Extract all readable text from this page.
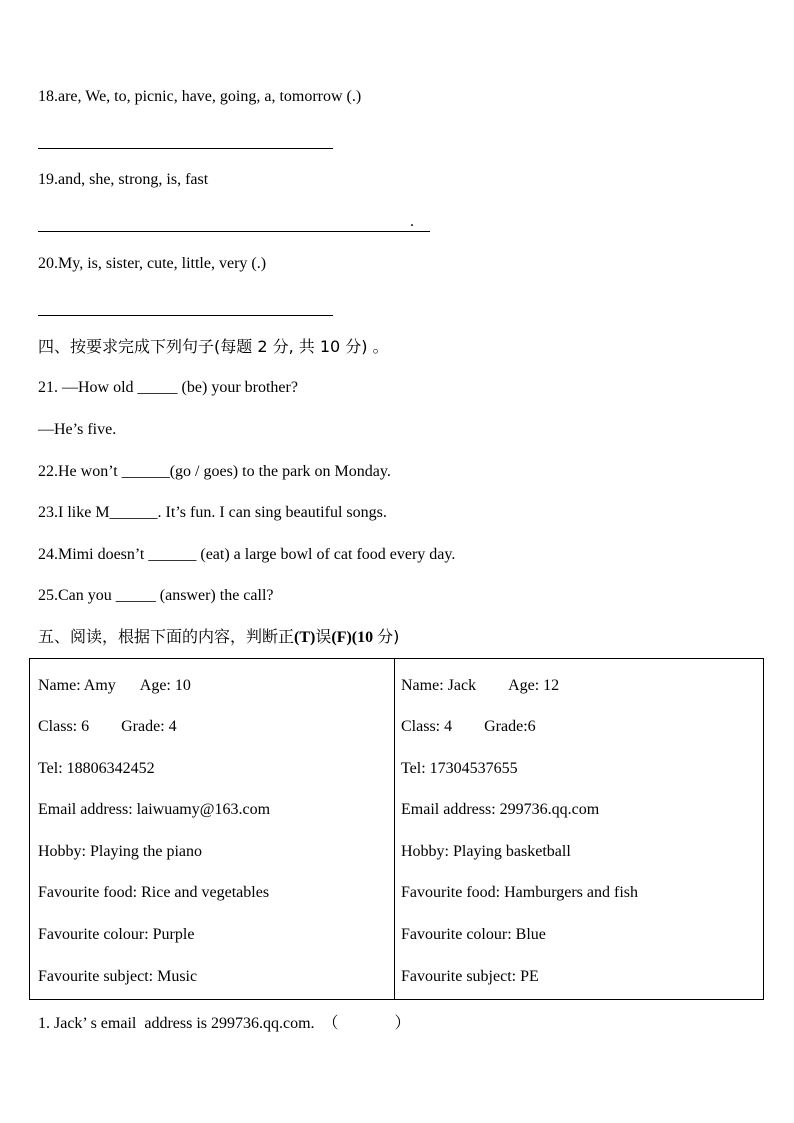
18.are, We, to, picnic, have, going, a, tomorrow (.)
19.and, she, strong, is, fast
.
20.My, is, sister, cute, little, very (.)
四、按要求完成下列句子(每题 2 分, 共 10 分) 。
21. —How old _____ (be) your brother?
—He’s five.
22.He won’t ______(go / goes) to the park on Monday.
23.I like M______. It’s fun. I can sing beautiful songs.
24.Mimi doesn’t ______ (eat) a large bowl of cat food every day.
25.Can you _____ (answer) the call?
五、阅读，根据下面的内容，判断正(T)误(F)(10 分)
Name: Amy Age: 10
Class: 6 Grade: 4
Tel: 18806342452
Email address: laiwuamy@163.com
Hobby: Playing the piano
Favourite food: Rice and vegetables
Favourite colour: Purple
Favourite subject: Music
Name: Jack Age: 12
Class: 4 Grade:6
Tel: 17304537655
Email address: 299736.qq.com
Hobby: Playing basketball
Favourite food: Hamburgers and fish
Favourite colour: Blue
Favourite subject: PE
1. Jack’ s email  address is 299736.qq.com.  （              ）
